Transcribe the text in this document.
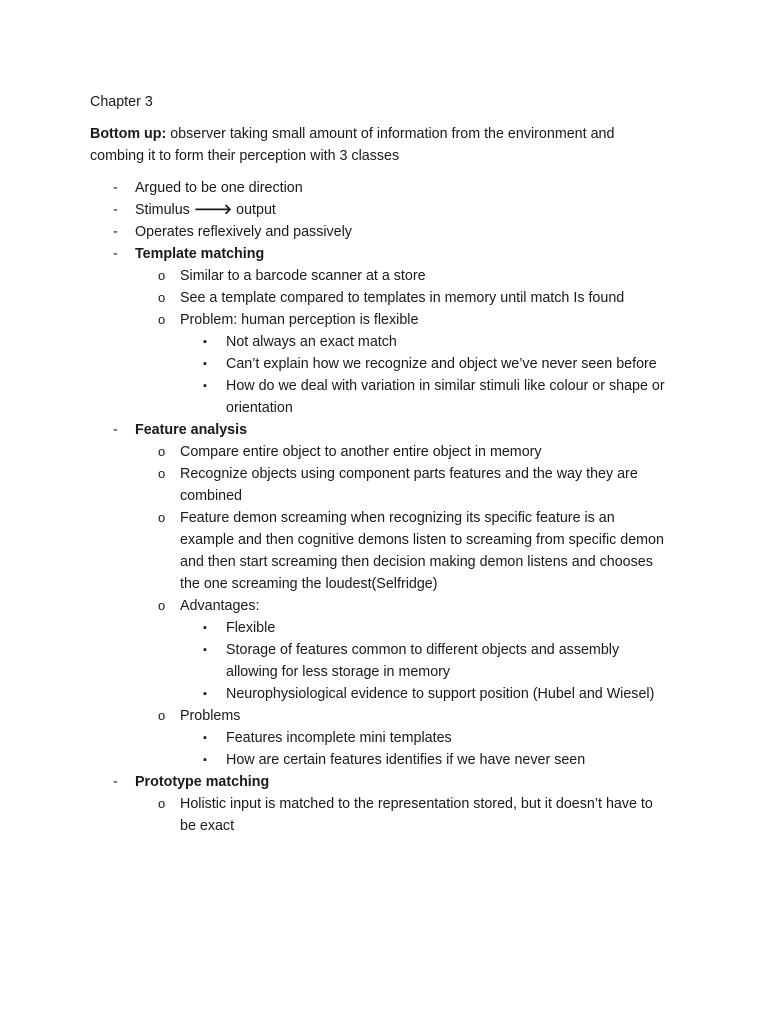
Chapter 3
Bottom up: observer taking small amount of information from the environment and
combing it to form their perception with 3 classes
-	Argued to be one direction
-	Stimulus 🡒 output
-	Operates reflexively and passively
-	Template matching
o	Similar to a barcode scanner at a store
o	See a template compared to templates in memory until match Is found
o	Problem: human perception is flexible
▪	Not always an exact match
▪	Can’t explain how we recognize and object we’ve never seen before
▪	How do we deal with variation in similar stimuli like colour or shape or
orientation
-	Feature analysis
o	Compare entire object to another entire object in memory
o	Recognize objects using component parts features and the way they are
combined
o	Feature demon screaming when recognizing its specific feature is an
example and then cognitive demons listen to screaming from specific demon
and then start screaming then decision making demon listens and chooses
the one screaming the loudest(Selfridge)
o	Advantages:
▪	Flexible
▪	Storage of features common to different objects and assembly
allowing for less storage in memory
▪	Neurophysiological evidence to support position (Hubel and Wiesel)
o	Problems
▪	Features incomplete mini templates
▪	How are certain features identifies if we have never seen
-	Prototype matching
o	Holistic input is matched to the representation stored, but it doesn’t have to
be exact
